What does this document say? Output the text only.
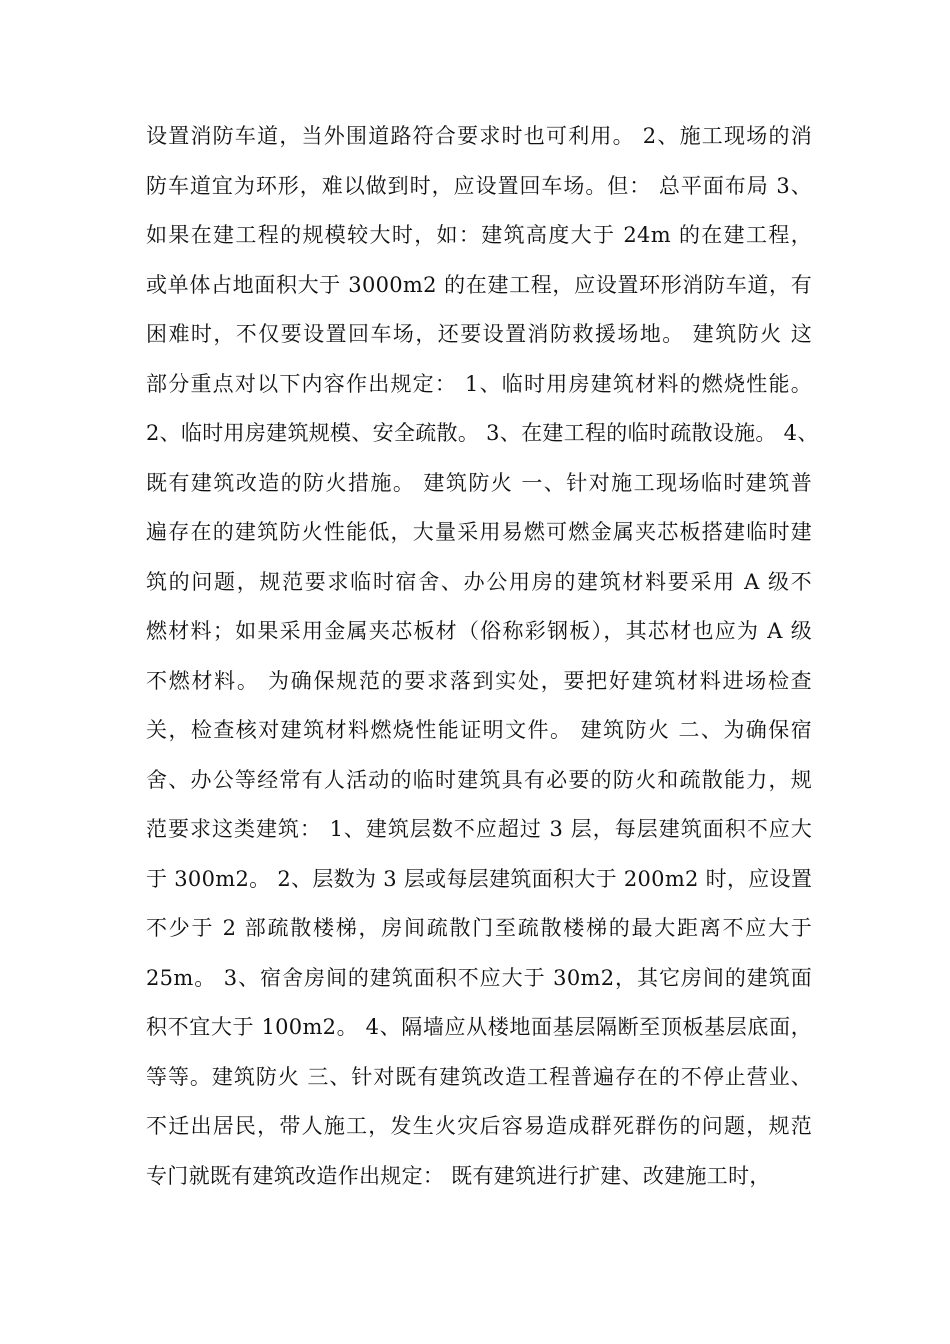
设置消防车道，当外围道路符合要求时也可利用。 2、施工现场的消
防车道宜为环形，难以做到时，应设置回车场。但： 总平面布局 3、
如果在建工程的规模较大时，如：建筑高度大于 24m 的在建工程，
或单体占地面积大于 3000m2 的在建工程，应设置环形消防车道，有
困难时，不仅要设置回车场，还要设置消防救援场地。 建筑防火 这
部分重点对以下内容作出规定： 1、临时用房建筑材料的燃烧性能。
2、临时用房建筑规模、安全疏散。 3、在建工程的临时疏散设施。 4、
既有建筑改造的防火措施。 建筑防火 一、针对施工现场临时建筑普
遍存在的建筑防火性能低，大量采用易燃可燃金属夹芯板搭建临时建
筑的问题，规范要求临时宿舍、办公用房的建筑材料要采用 A 级不
燃材料；如果采用金属夹芯板材（俗称彩钢板），其芯材也应为 A 级
不燃材料。 为确保规范的要求落到实处，要把好建筑材料进场检查
关，检查核对建筑材料燃烧性能证明文件。 建筑防火 二、为确保宿
舍、办公等经常有人活动的临时建筑具有必要的防火和疏散能力，规
范要求这类建筑： 1、建筑层数不应超过 3 层，每层建筑面积不应大
于 300m2。 2、层数为 3 层或每层建筑面积大于 200m2 时，应设置
不少于 2 部疏散楼梯，房间疏散门至疏散楼梯的最大距离不应大于
25m。 3、宿舍房间的建筑面积不应大于 30m2，其它房间的建筑面
积不宜大于 100m2。 4、隔墙应从楼地面基层隔断至顶板基层底面，
等等。建筑防火 三、针对既有建筑改造工程普遍存在的不停止营业、
不迁出居民，带人施工，发生火灾后容易造成群死群伤的问题，规范
专门就既有建筑改造作出规定： 既有建筑进行扩建、改建施工时，
